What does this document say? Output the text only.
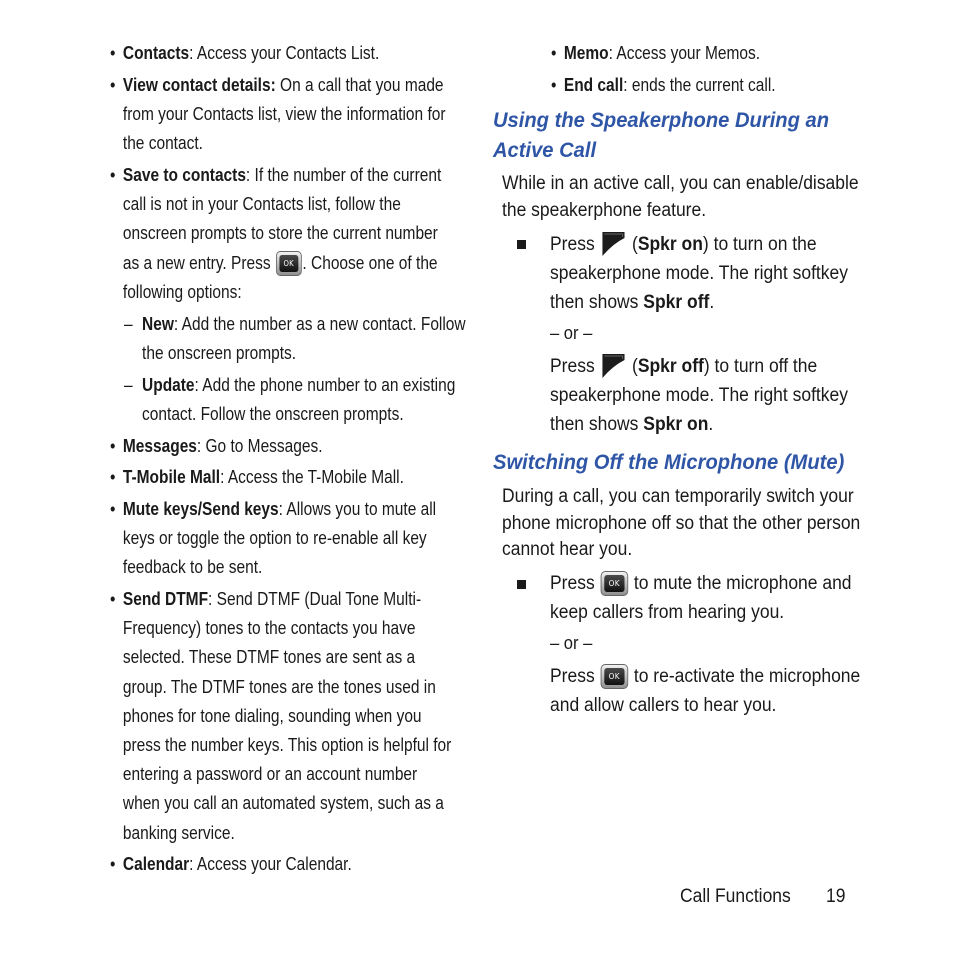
• Contacts: Access your Contacts List.
• View contact details: On a call that you made
from your Contacts list, view the information for
the contact.
• Save to contacts: If the number of the current
call is not in your Contacts list, follow the
onscreen prompts to store the current number
as a new entry. Press	OK . Choose one of the
following options:
– New: Add the number as a new contact. Follow
the onscreen prompts.
– Update: Add the phone number to an existing
contact. Follow the onscreen prompts.
• Messages: Go to Messages.
• T-Mobile Mall: Access the T-Mobile Mall.
• Mute keys/Send keys: Allows you to mute all
keys or toggle the option to re-enable all key
feedback to be sent.
• Send DTMF: Send DTMF (Dual Tone Multi-
Frequency) tones to the contacts you have
selected. These DTMF tones are sent as a
group. The DTMF tones are the tones used in
phones for tone dialing, sounding when you
press the number keys. This option is helpful for
entering a password or an account number
when you call an automated system, such as a
banking service.
• Calendar: Access your Calendar.
• Memo: Access your Memos.
• End call: ends the current call.
Using the Speakerphone During an
Active Call

While in an active call, you can enable/disable
the speakerphone feature.

Press  (Spkr on) to turn on the
speakerphone mode. The right softkey
then shows Spkr off.

– or –

Press  (Spkr off) to turn off the
speakerphone mode. The right softkey
then shows Spkr on.

Switching Off the Microphone (Mute)

During a call, you can temporarily switch your
phone microphone off so that the other person
cannot hear you.

Press	OK to mute the microphone and
keep callers from hearing you.

– or –

Press	OK to re-activate the microphone
and allow callers to hear you.

Call Functions 19
